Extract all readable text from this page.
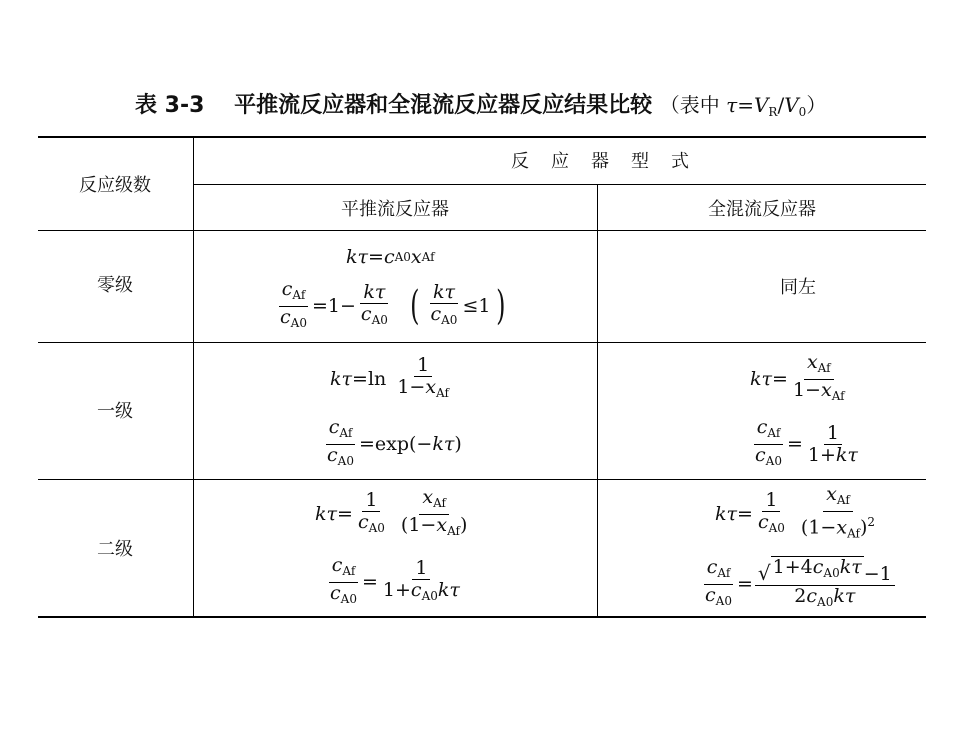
表 3-3 平推流反应器和全混流反应器反应结果比较 （表中 $\tau=V_R/V_0$）
反应级数
反应器型式
平推流反应器	全混流反应器
零级
一级
二级
kτ = c A0 x Af
$\frac{c_{Af}}{c_{A0}} =1- \frac{k\tau}{c_{A0}}$ ( $\frac{k\tau}{c_{A0}} \le 1$ )	同左
$k\tau =\ln \frac{1}{1-x_{Af}}$
$\frac{c_{Af}}{c_{A0}} =\exp(- k\tau$ )
$k\tau = \frac{x_{Af}}{1-x_{Af}}$
$\frac{c_{Af}}{c_{A0}} = \frac{1}{1+k\tau}$
$k\tau = \frac{1}{c_{A0}} \frac{x_{Af}}{(1-x_{Af})}$
$\frac{c_{Af}}{c_{A0}} = \frac{1}{1+c_{A0}k\tau}$
$k\tau = \frac{1}{c_{A0}} \frac{x_{Af}}{(1-x_{Af})^2}$
$\frac{c_{Af}}{c_{A0}} = \frac{√ 1+4c_{A0}k\tau -1}{2c_{A0}k\tau}$
